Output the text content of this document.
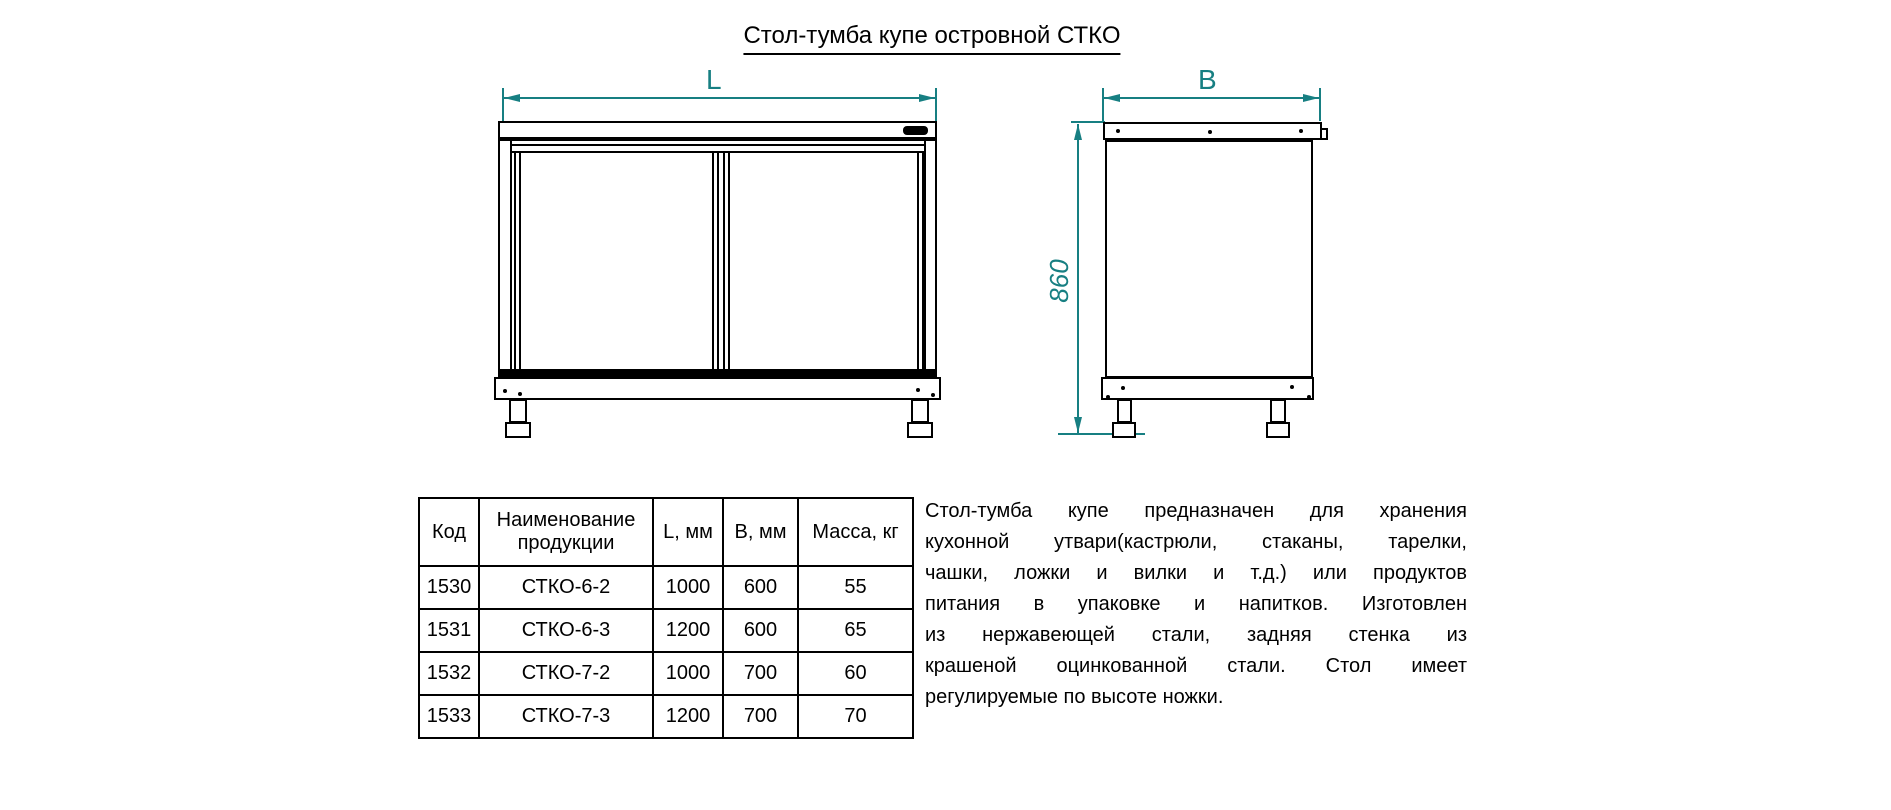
Стол-тумба купе островной СТКО
L	B
860
Код	Наименование продукции	L, мм	B, мм	Масса, кг
1530	СТКО-6-2	1000	600	55
1531	СТКО-6-3	1200	600	65
1532	СТКО-7-2	1000	700	60
1533	СТКО-7-3	1200	700	70
Стол-тумба купе предназначен для хранения
кухонной утвари(кастрюли, стаканы, тарелки,
чашки, ложки и вилки и т.д.) или продуктов
питания в упаковке и напитков. Изготовлен
из нержавеющей стали, задняя стенка из
крашеной оцинкованной стали. Стол имеет
регулируемые по высоте ножки.
